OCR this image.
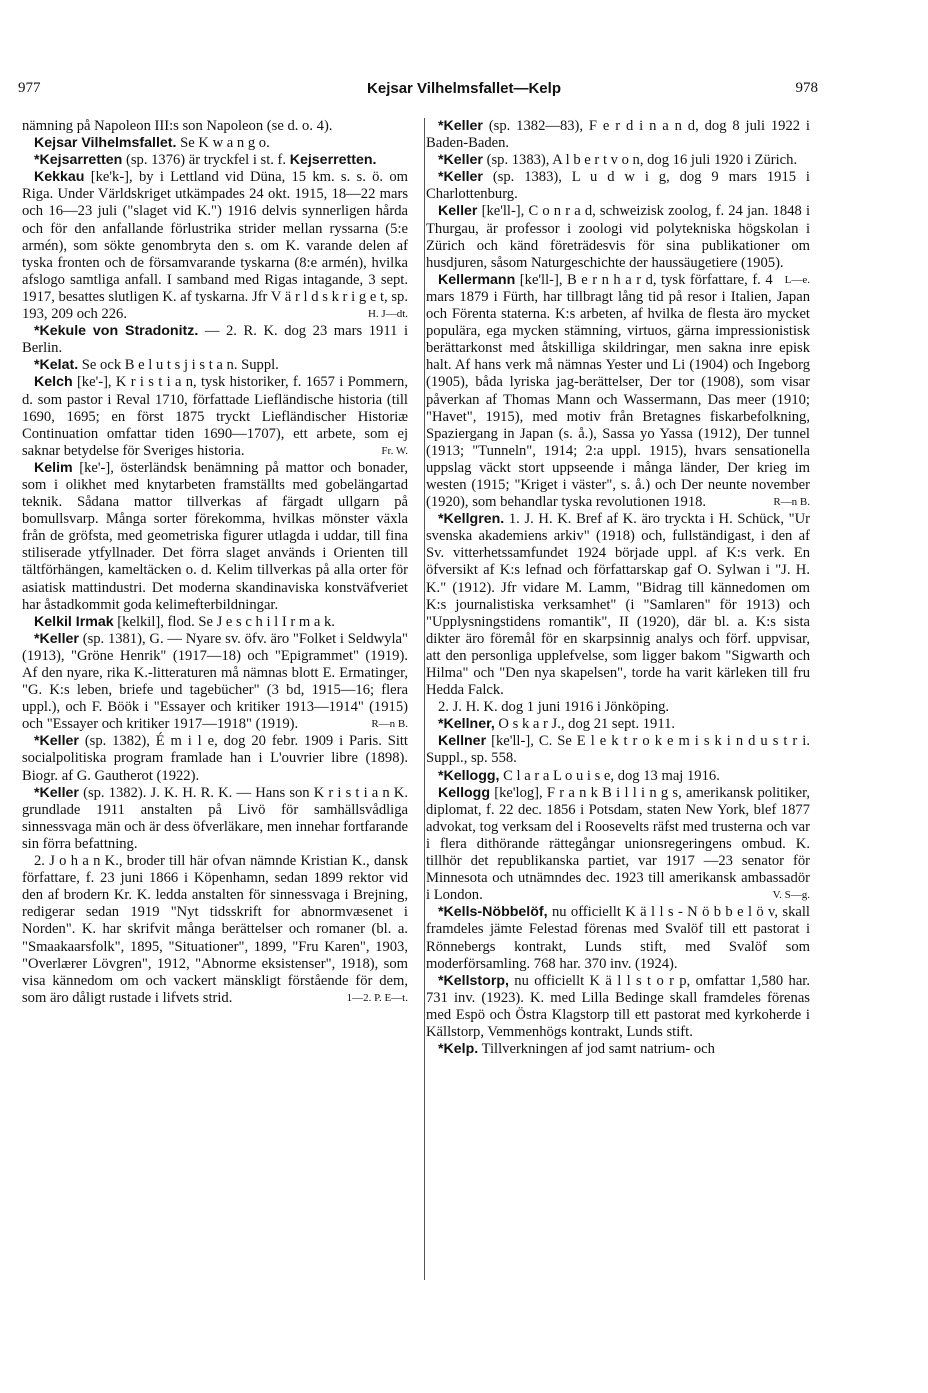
977	Kejsar Vilhelmsfallet—Kelp	978

nämning på Napoleon III:s son Napoleon (se d. o. 4).

Kejsar Vilhelmsfallet. Se K w a n g o.

*Kejsarretten (sp. 1376) är tryckfel i st. f. Kejserretten.

Kekkau [ke'k-], by i Lettland vid Düna, 15 km. s. s. ö. om Riga. Under Världskriget utkämpades 24 okt. 1915, 18—22 mars och 16—23 juli ("slaget vid K.") 1916 delvis synnerligen hårda och för den anfallande förlustrika strider mellan ryssarna (5:e armén), som sökte genombryta den s. om K. varande delen af tyska fronten och de församvarande tyskarna (8:e armén), hvilka afslogo samtliga anfall. I samband med Rigas intagande, 3 sept. 1917, besattes slutligen K. af tyskarna. Jfr V ä r l d s k r i g e t, sp. 193, 209 och 226.	H. J—dt.

*Kekule von Stradonitz. — 2. R. K. dog 23 mars 1911 i Berlin.

*Kelat. Se ock B e l u t s j i s t a n. Suppl.

Kelch [ke'-], K r i s t i a n, tysk historiker, f. 1657 i Pommern, d. som pastor i Reval 1710, författade Liefländische historia (till 1690, 1695; en först 1875 tryckt Liefländischer Historiæ Continuation omfattar tiden 1690—1707), ett arbete, som ej saknar betydelse för Sveriges historia.	Fr. W.

Kelim [ke'-], österländsk benämning på mattor och bonader, som i olikhet med knytarbeten framställts med gobelängartad teknik. Sådana mattor tillverkas af färgadt ullgarn på bomullsvarp. Många sorter förekomma, hvilkas mönster växla från de gröfsta, med geometriska figurer utlagda i uddar, till fina stiliserade ytfyllnader. Det förra slaget används i Orienten till tältförhängen, kameltäcken o. d. Kelim tillverkas på alla orter för asiatisk mattindustri. Det moderna skandinaviska konstväfveriet har åstadkommit goda kelimefterbildningar.

Kelkil Irmak [kelkil], flod. Se J e s c h i l I r m a k.

*Keller (sp. 1381), G. — Nyare sv. öfv. äro "Folket i Seldwyla" (1913), "Gröne Henrik" (1917—18) och "Epigrammet" (1919). Af den nyare, rika K.-litteraturen må nämnas blott E. Ermatinger, "G. K:s leben, briefe und tagebücher" (3 bd, 1915—16; flera uppl.), och F. Böök i "Essayer och kritiker 1913—1914" (1915) och "Essayer och kritiker 1917—1918" (1919).	R—n B.

*Keller (sp. 1382), É m i l e, dog 20 febr. 1909 i Paris. Sitt socialpolitiska program framlade han i L'ouvrier libre (1898). Biogr. af G. Gautherot (1922).

*Keller (sp. 1382). J. K. H. R. K. — Hans son K r i s t i a n K. grundlade 1911 anstalten på Livö för samhällsvådliga sinnessvaga män och är dess öfverläkare, men innehar fortfarande sin förra befattning.

2. J o h a n K., broder till här ofvan nämnde Kristian K., dansk författare, f. 23 juni 1866 i Köpenhamn, sedan 1899 rektor vid den af brodern Kr. K. ledda anstalten för sinnessvaga i Brejning, redigerar sedan 1919 "Nyt tidsskrift for abnormvæsenet i Norden". K. har skrifvit många berättelser och romaner (bl. a. "Smaakaarsfolk", 1895, "Situationer", 1899, "Fru Karen", 1903, "Overlærer Lövgren", 1912, "Abnorme eksistenser", 1918), som visa kännedom om och vackert mänskligt förstående för dem, som äro dåligt rustade i lifvets strid.	1—2. P. E—t.

*Keller (sp. 1382—83), F e r d i n a n d, dog 8 juli 1922 i Baden-Baden.

*Keller (sp. 1383), A l b e r t v o n, dog 16 juli 1920 i Zürich.

*Keller (sp. 1383), L u d w i g, dog 9 mars 1915 i Charlottenburg.

Keller [ke'll-], C o n r a d, schweizisk zoolog, f. 24 jan. 1848 i Thurgau, är professor i zoologi vid polytekniska högskolan i Zürich och känd företrädesvis för sina publikationer om husdjuren, såsom Naturgeschichte der haussäugetiere (1905).
L—e.

Kellermann [ke'll-], B e r n h a r d, tysk författare, f. 4 mars 1879 i Fürth, har tillbragt lång tid på resor i Italien, Japan och Förenta staterna. K:s arbeten, af hvilka de flesta äro mycket populära, ega mycken stämning, virtuos, gärna impressionistisk berättarkonst med åtskilliga skildringar, men sakna inre episk halt. Af hans verk må nämnas Yester und Li (1904) och Ingeborg (1905), båda lyriska jag-berättelser, Der tor (1908), som visar påverkan af Thomas Mann och Wassermann, Das meer (1910; "Havet", 1915), med motiv från Bretagnes fiskarbefolkning, Spaziergang in Japan (s. å.), Sassa yo Yassa (1912), Der tunnel (1913; "Tunneln", 1914; 2:a uppl. 1915), hvars sensationella uppslag väckt stort uppseende i många länder, Der krieg im westen (1915; "Kriget i väster", s. å.) och Der neunte november (1920), som behandlar tyska revolutionen 1918.	R—n B.

*Kellgren. 1. J. H. K. Bref af K. äro tryckta i H. Schück, "Ur svenska akademiens arkiv" (1918) och, fullständigast, i den af Sv. vitterhetssamfundet 1924 började uppl. af K:s verk. En öfversikt af K:s lefnad och författarskap gaf O. Sylwan i "J. H. K." (1912). Jfr vidare M. Lamm, "Bidrag till kännedomen om K:s journalistiska verksamhet" (i "Samlaren" för 1913) och "Upplysningstidens romantik", II (1920), där bl. a. K:s sista dikter äro föremål för en skarpsinnig analys och förf. uppvisar, att den personliga upplefvelse, som ligger bakom "Sigwarth och Hilma" och "Den nya skapelsen", torde ha varit kärleken till fru Hedda Falck.

2. J. H. K. dog 1 juni 1916 i Jönköping.

*Kellner, O s k a r J., dog 21 sept. 1911.

Kellner [ke'll-], C. Se E l e k t r o k e m i s k i n d u s t r i. Suppl., sp. 558.

*Kellogg, C l a r a L o u i s e, dog 13 maj 1916.

Kellogg [ke'log], F r a n k B i l l i n g s, amerikansk politiker, diplomat, f. 22 dec. 1856 i Potsdam, staten New York, blef 1877 advokat, tog verksam del i Roosevelts räfst med trusterna och var i flera dithörande rättegångar unionsregeringens ombud. K. tillhör det republikanska partiet, var 1917 —23 senator för Minnesota och utnämndes dec. 1923 till amerikansk ambassadör i London.	V. S—g.

*Kells-Nöbbelöf, nu officiellt K ä l l s - N ö b b e l ö v, skall framdeles jämte Felestad förenas med Svalöf till ett pastorat i Rönnebergs kontrakt, Lunds stift, med Svalöf som moderförsamling. 768 har. 370 inv. (1924).

*Kellstorp, nu officiellt K ä l l s t o r p, omfattar 1,580 har. 731 inv. (1923). K. med Lilla Bedinge skall framdeles förenas med Espö och Östra Klagstorp till ett pastorat med kyrkoherde i Källstorp, Vemmenhögs kontrakt, Lunds stift.

*Kelp. Tillverkningen af jod samt natrium- och
